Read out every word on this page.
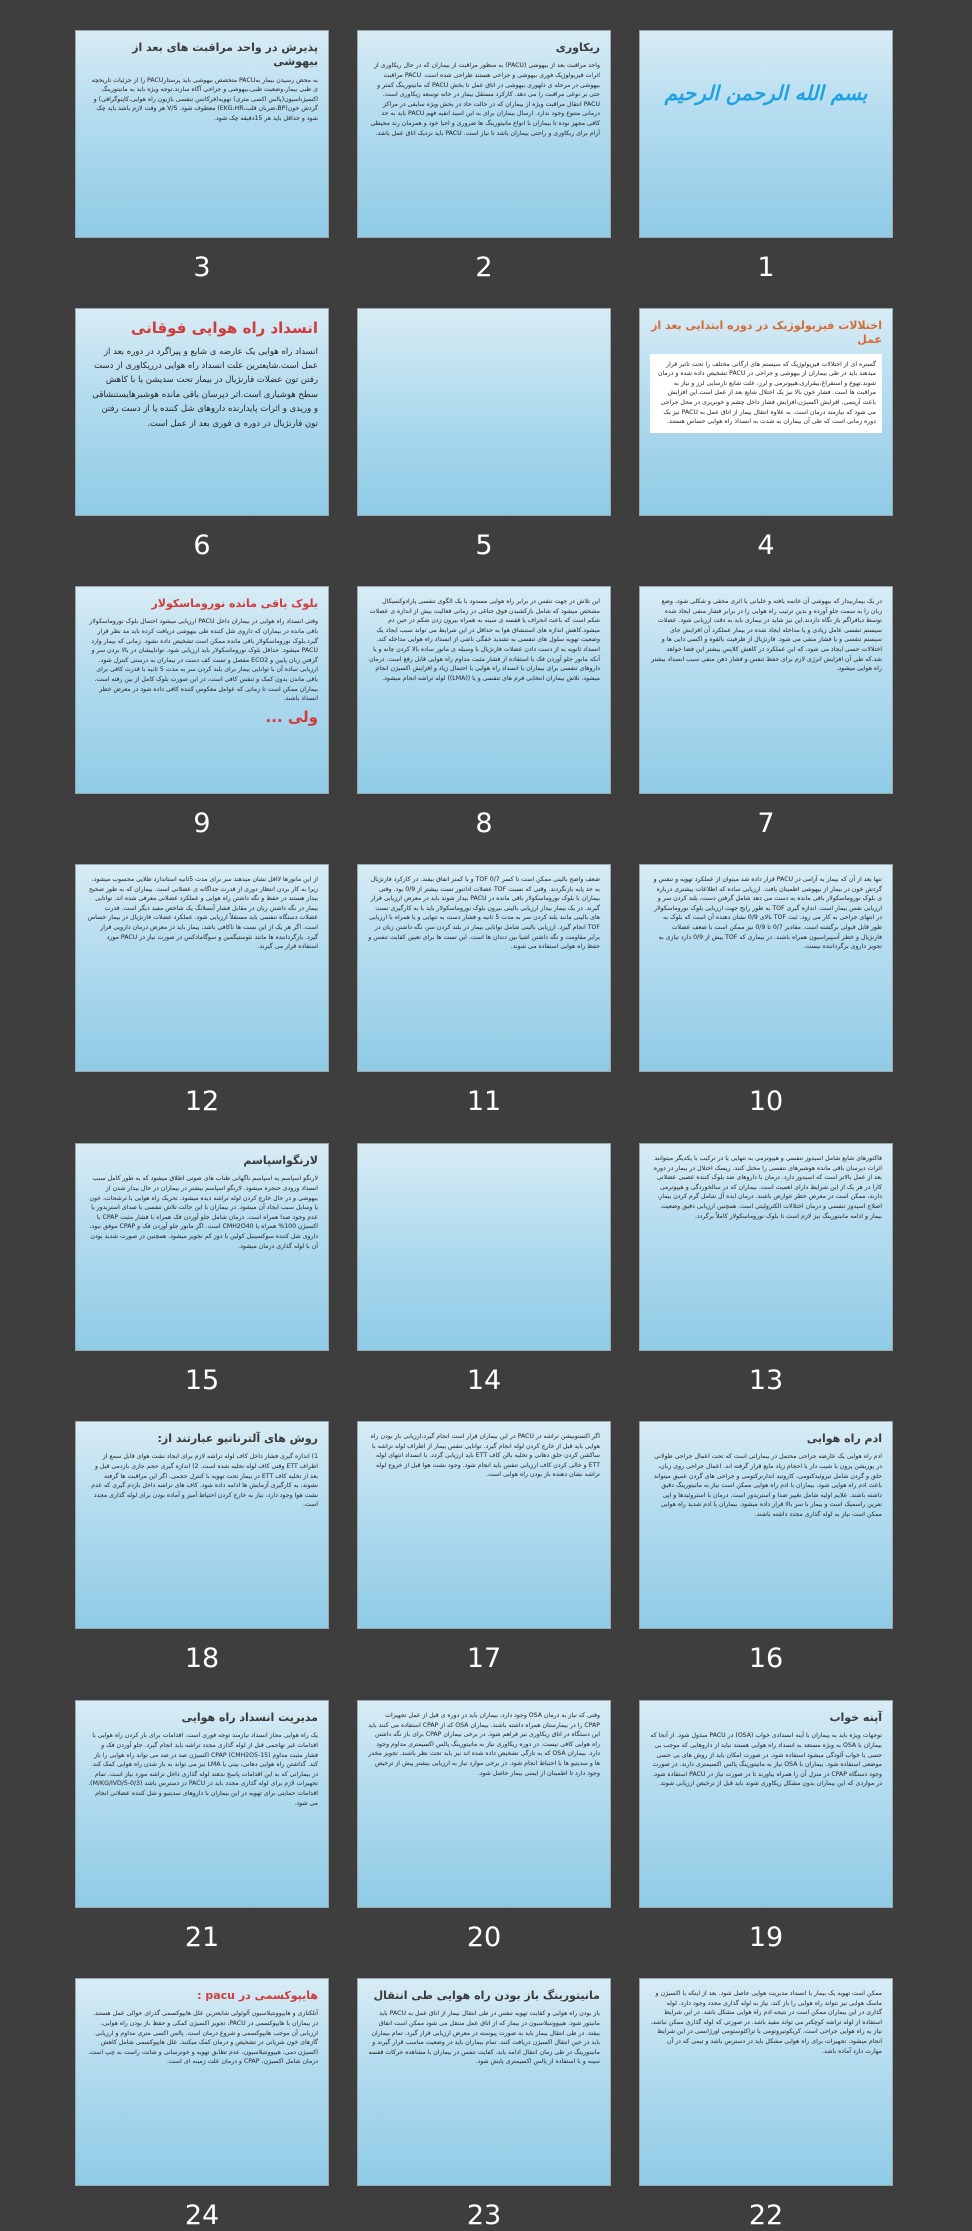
بسم الله الرحمن الرحیم
1
ریکاوری
واحد مراقبت بعد از بیهوشی (PACU) به منظور مراقبت از بیماران که در حال ریکاوری از اثرات فیزیولوژیک فوری بیهوشی و جراحی هستند طراحی شده است. PACU مراقبت بیهوشی در مرحله ی دلهوری بیهوشی در اتاق عمل تا بخش PACU که مانیتورینگ کمتر و حتی بر نوعی مراقبت را می دهد. کارکرد مستقل بیمار در خانه توسعه ریکاوری است. PACU انتقال مراقبت ویژه از بیماران که در حالت حاد در بخش ویژه سایقی در مراکز درمانی متنوع وجود ندارد. ارسال بیماران برای به این اسید انفیه فهم PACU باید به حد کافی مجهز نوده تا بیماران با انواع مانیتورینگ ها ضروری و احیا خود و همزمان رند محیطی آرام برای ریکاوری و راحتی بیماران باشد تا نیاز است. PACU باید نزدیک اتاق عمل باشد.
2
پذیرش در واحد مراقبت های بعد از بیهوشی
به محض رسیدن بیمار بهPACU متخصص بیهوشی باید پرستارPACU را از جزئیات تاریخچه ی طبی بیمار،وضعیت طبی،بیهوشی و جراحی آگاه سازند.توجه ویژه باید به مانیتورینگ اکسیژناسیون(پالس اکسی متری) تهویه(فرکانس تنفسی باژیون راه هوایی،کاپنوگرافی) و گردش خون(BP،ضربان قلب،EKG،HR) معطوف شود. V/S هر وقت لازم باشد باید چک شود و حداقل باید هر 15دقیقه چک شود.
3
اختلالات فیزیولوژیک در دوره ابتدایی بعد از عمل
گستره ای از اختلالات فیزیولوژیک که سیستم های ارگانی مختلف را تحت تاثیر قرار میدهند باید در طی بیماران از بیهوشی و جراحی در PACU تشخیص داده شده و درمان شوند.تهوع و استفراغ،بیقراری،هیپوترمی و لرز، علت شایع نارسایی لرز و نیاز به مراقبت ها است. فشار خون بالا نیز یک اختلال شایع بعد از عمل است.این افزایش باعث آریتمی، افزایش اکسیژن،افزایش فشار داخل چشم و خونریزی در محل جراحی می شود که نیازمند درمان است. به علاوه انتقال بیمار از اتاق عمل به PACU نیز یک دوره زمانی است که طی آن بیماران به شدت به انسداد راه هوایی حساس هستند.
4
5
انسداد راه هوایی فوقانی
انسداد راه هوایی یک عارضه ی شایع و پیراگرد در دوره بعد از عمل است.شایعترین علت انسداد راه هوایی درریکاوری از دست رفتن تون عضلات فارنژیال در بیمار تحت سدیشن یا با کاهش سطح هوشیاری است.اثر دپرسان باقی مانده هوشبرهایستنشاقی و وریدی و اثرات پایدارنده داروهای شل کننده یا از دست رفتن تون فارنژیال در دوره ی فوری بعد از عمل است.
6
در یک بیماربیدار که بیهوشی آن خاتمه یافته و خلبانی با اثری مخفی و شکلی شود، وضع زبان را به سمت جلو آورده و بدین ترتیب راه هوایی را در برابر فشار منفی ایجاد شده توسط دیافراگم باز نگاه داردند.این نیز شاید در بیماری باید به دقت ارزیابی شود. عضلات سیستم تنفسی عامل زیادی و یا مداخله ایجاد شده در بیمار عملکرد آن افزایش جای سیستم تنفسی و یا فشار منفی می شود. فارنژیال از ظرفیت بالقوه و اکسی دایی ها و اختلالات حسی ایجاد می شود، که این عملکرد در کاهش کلاپس بیشتر این فضا خواهد شد.که طی آن افزایش انرژی لازم برای حفظ تنفس و فشار ذهن منفی سبب انسداد بیشتر راه هوایی میشود.
7
این تلاش در جهت تنفس در برابر راه هوایی مسدود با یک الگوی تنفسی پارادوکسیکال مشخص میشود که شامل بازکشیدن فوق جناغی در زمانی فعالیت بیش از اندازه ی عضلات شکم است که باعث انحراف یا قفسه ی سینه به همراه بیرون زدن شکم در حین دم میشود.کاهش اندازه های استنشاق هوا به حداقل در این شرایط می تواند سبب ایجاد یک وضعیت تهویه سلول های تنفسی به تشدید خفگی ناشی از انسداد راه هوایی مداخله کند. انسداد ثانویه به از دست دادن عضلات فارنژیال با وسیله ی مانور ساده بالا کردن چانه و یا آنکه مانور جلو آوردن فک با استفاده از فشار مثبت مداوم راه هوایی قابل رفع است. درمان داروهای تنفسی برای بیماران با انسداد راه هوایی با احتمال زیاد و افزایش اکسیژن انجام میشود. تلاش بیماران انتخابی فرم های تنفسی و یا ((LMA)) لوله تراشه انجام میشود.
8
بلوک باقی مانده نوروماسکولار
وقتی انسداد راه هوایی در بیماران داخل PACU ارزیابی میشود احتمال بلوک نوروماسکولار باقی مانده در بیماران که داروی شل کننده طی بیهوشی دریافت کرده باید مد نظر قرار گیرد.بلوک نوروماسکولار باقی مانده ممکن است تشخیص داده نشود. زمانی که بیمار وارد PACU میشود. حداقل بلوک نوروماسکولار باید ارزیابی شود. تواناییشان در بالا بردن سر و گرفتن زبان پایین و ECO2 مفصل و تست کف دست در بیماران به درستی کنترل شود. ارزیابی ساده آن با توانایی بیمار برای بلند کردن سر به مدت 5 ثانیه با قدرت کافی برای باقی ماندن بدون کمک و تنفس کافی است، در این صورت بلوک کامل از بین رفته است. بیماران ممکن است تا زمانی که عوامل معکوس کننده کافی داده شود در معرض خطر انسداد باشند.
ولی ...
9
تنها بعد از آن که بیمار به آرامی در PACU قرار داده شد میتوان از عملکرد تهویه و تنفس و گردش خون در بیمار از بیهوشی اطمینان یافت. ارزیابی ساده که اطلاعات بیشتری درباره ی بلوک نوروماسکولار باقی مانده به دست می دهد شامل گرفتن دست، بلند کردن سر و ارزیابی نفس بیمار است. اندازه گیری TOF به طور رایج جهت ارزیابی بلوک نوروماسکولار در انتهای جراحی به کار می رود. ثبت TOF بالای 0/9 نشان دهنده آن است که بلوک به طور قابل قبولی برگشته است. مقادیر 0/7 تا 0/9 نیز ممکن است با ضعف عضلات فارنژیال و خطر آسپیراسیون همراه باشند. در بیماری که TOF بیش از 0/9 دارد نیازی به تجویز داروی برگرداننده نیست.
10
ضعف واضح بالینی ممکن است تا کسر TOF 0/7 و یا کمتر اتفاق بیفتد. در کارکرد فارنژیال به حد پایه بازنگردند. وقتی که نسبت TOF عضلات ادانتور تست بیشتر از 0/9 بود. وقتی بیماران با بلوک نوروماسکولار باقی مانده در PACU بیدار شوند باید در معرض ارزیابی قرار گیرند. در یک بیمار بیدار ارزیابی بالینی بیرون بلوک نوروماسکولار باید با به کارگیری تست های بالینی مانند بلند کردن سر به مدت 5 ثانیه و فشار دست به تنهایی و یا همراه با ارزیابی TOF انجام گیرد. ارزیابی بالینی شامل توانایی بیمار در بلند کردن سر، نگه داشتن زبان در برابر مقاومت و نگه داشتن اشیا بین دندان ها است. این تست ها برای تعیین کفایت تنفس و حفظ راه هوایی استفاده می شوند.
11
از این مانورها لااقل نشان میدهند سر برای مدت 5ثانیه استاندارد طلایی محسوب میشود، زیرا به کار بردن انتظار دوری از قدرت جداگانه ی عضلانی است. بیماران که به طور صحیح بیدار هستند در حفظ و نگه داشتن راه هوایی و عملکرد عضلانی معرفی شده اند. توانایی بیمار در نگه داشتن زبان در مقابل فشار آبسلانگ یک شاخص مفید دیگر است. قدرت عضلات دستگاه تنفسی باید مستقلاً ارزیابی شود. عملکرد عضلات فارنژیال در بیمار حساس است. اگر هر یک از این تست ها ناکافی باشد، بیمار باید در معرض درمان دارویی قرار گیرد. بازگرداننده ها مانند نئوستیگمین و سوگامادکس در صورت نیاز در PACU مورد استفاده قرار می گیرند.
12
فاکتورهای شایع شامل اسیدوز تنفسی و هیپوترمی به تنهایی یا در ترکیب با یکدیگر میتوانند اثرات دپرسان باقی مانده هوشبرهای تنفسی را مختل کنند. ریسک اختلال در بیمار در دوره بعد از عمل بالاتر است که اسیدوز دارد. درمان با داروهای ضد بلوک کننده عصبی عضلانی کارا در هر یک از این شرایط دارای اهمیت است. بیماران که در سالخوردگی و هیپوترمی دارند، ممکن است در معرض خطر عوارض باشند. درمان ایده آل شامل گرم کردن بیمار، اصلاح اسیدوز تنفسی و درمان اختلالات الکترولیتی است. همچنین ارزیابی دقیق وضعیت بیمار و ادامه مانیتورینگ نیز لازم است تا بلوک نوروماسکولار کاملاً برگردد.
13
14
لارنگواسپاسم
لارنگو اسپاسم به اسپاسم ناگهانی طناب های صوتی اطلاق میشود که به طور کامل سبب انسداد ورودی حنجره میشود. لارنگو اسپاسم بیشتر در بیماران در حال بیدار شدن از بیهوشی و در حال خارج کردن لوله تراشه دیده میشود. تحریک راه هوایی با ترشحات، خون یا وسایل سبب ایجاد آن میشود. در بیماران با این حالت تلاش تنفسی با صدای استریدور یا عدم وجود صدا همراه است. درمان شامل جلو آوردن فک همراه با فشار مثبت CPAP با اکسیژن 100% همراه با CMH2O40 است. اگر مانور جلو آوردن فک و CPAP موفق نبود، داروی شل کننده سوکسینیل کولین با دوز کم تجویز میشود. همچنین در صورت شدید بودن آن با لوله گذاری درمان میشود.
15
ادم راه هوایی
ادم راه هوایی یک عارضه جراحی محتمل در بیمارانی است که تحت اعمال جراحی طولانی در پوزیشن پرون یا شیب دار با احجام زیاد مایع قرار گرفته اند. اعمال جراحی روی زبان، حلق و گردن شامل تیروئیدکتومی، کاروتید اندارترکتومی و جراحی های گردن عمیق میتواند باعث ادم راه هوایی شود. بیماران با ادم راه هوایی ممکن است نیاز به مانیتورینگ دقیق داشته باشند. علایم اولیه شامل تغییر صدا و استریدور است. درمان با استروئیدها و اپی نفرین راسمیک است و بیمار با سر بالا قرار داده میشود. بیماران با ادم شدید راه هوایی ممکن است نیاز به لوله گذاری مجدد داشته باشند.
16
اگر اکستوبیشن تراشه در PACU در این بیماران قرار است انجام گیرد،ارزیابی باز بودن راه هوایی باید قبل از خارج کردن لوله انجام گیرد. توانایی تنفس بیمار از اطراف لوله تراشه با ساکشن کردن حلق دهانی و تخلیه بالن کاف ETT باید ارزیابی گردد. با انسداد انتهای لوله ETT و خالی کردن کاف ارزیابی تنفس باید انجام شود. وجود نشت هوا قبل از خروج لوله تراشه نشان دهنده باز بودن راه هوایی است.
17
روش های آلترناتیو عبارتند از:
1) اندازه گیری فشار داخل کاف لوله تراشه لازم برای ایجاد نشت هوای قابل سمع از اطراف ETT وقتی کاف لوله تخلیه شده است. 2) اندازه گیری حجم جاری بازدمی قبل و بعد از تخلیه کاف ETT در بیمار تحت تهویه با کنترل حجمی. اگر این مراقبت ها گرفته نشوند، به کارگیری آزمایش ها ادامه داده شود. کاف های تراشه داخل بازدم گیری که عدم نشت هوا وجود دارد، نیاز به خارج کردن احتیاط آمیز و آماده بودن برای لوله گذاری مجدد است.
18
آپنه خواب
توجهات ویژه باید به بیماران با آپنه انسدادی خواب (OSA) در PACU مبذول شود. از آنجا که بیماران با OSA به ویژه مستعد به انسداد راه هوایی هستند نباید از داروهایی که موجب بی حسی یا خواب آلودگی میشود استفاده شود. در صورت امکان باید از روش های بی حسی موضعی استفاده شود. بیماران با OSA نیاز به مانیتورینگ پالس اکسیمتری دارند. در صورت وجود دستگاه CPAP در منزل آن را همراه بیاورند تا در صورت نیاز در PACU استفاده شود. در مواردی که این بیماران بدون مشکل ریکاوری شوند باید قبل از ترخیص ارزیابی شوند.
19
وقتی که نیاز به درمان OSA وجود دارد، بیماران باید در دوره ی قبل از عمل تجهیزات CPAP را در بیمارستان همراه داشته باشند. بیماران OSA که از CPAP استفاده می کنند باید این دستگاه در اتاق ریکاوری نیز فراهم شود. در برخی بیماران CPAP برای باز نگه داشتن راه هوایی کافی نیست. در دوره ریکاوری نیاز به مانیتورینگ پالس اکسیمتری مداوم وجود دارد. بیماران OSA که به تازگی تشخیص داده شده اند نیز باید تحت نظر باشند. تجویز مخدر ها و سدیتیو ها با احتیاط انجام شود. در برخی موارد نیاز به ارزیابی بیشتر پیش از ترخیص وجود دارد تا اطمینان از ایمنی بیمار حاصل شود.
20
مدیریت انسداد راه هوایی
یک راه هوایی مجاز انسداد نیازمند توجه فوری است. اقدامات برای باز کردن راه هوایی با اقدامات غیر تهاجمی قبل از لوله گذاری مجدد تراشه باید انجام گیرد. جلو آوردن فک و فشار مثبت مداوم CPAP (CMH2O5-15) اکسیژن صد در صد می تواند راه هوایی را باز کند. گذاشتن راه هوایی دهانی، بینی یا LMA نیز می تواند به باز شدن راه هوایی کمک کند. در بیمارانی که به این اقدامات پاسخ ندهند لوله گذاری داخل تراشه مورد نیاز است. تمام تجهیزات لازم برای لوله گذاری مجدد باید در PACU در دسترس باشد (M/KG/IVD/5-0/3). اقدامات حمایتی برای تهویه در این بیماران با داروهای سدیتیو و شل کننده عضلانی انجام می شود.
21
ممکن است تهویه یک بیمار با انسداد مدیریت هوایی حاصل شود. بعد از اینکه با اکسیژن و ماسک هوایی نیز نتواند راه هوایی را باز کند، نیاز به لوله گذاری مجدد وجود دارد. لوله گذاری در این بیماران ممکن است در نتیجه ادم راه هوایی مشکل باشد. در این شرایط استفاده از لوله تراشه کوچکتر می تواند مفید باشد. در صورتی که لوله گذاری ممکن نباشد، نیاز به راه هوایی جراحی است. کریکوتیروتومی یا تراکئوستومی اورژانسی در این شرایط انجام میشود. تجهیزات برای راه هوایی مشکل باید در دسترس باشد و تیمی که در آن مهارت دارد آماده باشد.
22
مانیتورینگ باز بودن راه هوایی طی انتقال
باز بودن راه هوایی و کفایت تهویه تنفس در طی انتقال بیمار از اتاق عمل به PACU باید مانیتور شود. هیپوونتیلاسیون در بیمار که از اتاق عمل منتقل می شود ممکن است اتفاق بیفتد. در طی انتقال بیمار باید به صورت پیوسته در معرض ارزیابی قرار گیرد. تمام بیماران باید در حین انتقال اکسیژن دریافت کنند. تمام بیماران باید در وضعیت مناسب قرار گیرند و مانیتورینگ در طی زمان انتقال ادامه یابد. کفایت تنفس در بیماران با مشاهده حرکات قفسه سینه و با استفاده از پالس اکسیمتری پایش شود.
23
هایپوکسمی در pacu :
آتلکتازی و هایپوونتیلاسیون آلوئولی شایعترین علل هایپوکسمی گذرای حوالی عمل هستند. در بیماران با هایپوکسمی در PACU، تجویز اکسیژن کمکی و حفظ باز بودن راه هوایی، ارزیابی آن موجب هایپوکسمی و شروع درمان است. پالس اکسی متری مداوم و ارزیابی گازهای خون شریانی در تشخیص و درمان کمک میکنند. علل هایپوکسمی شامل کاهش اکسیژن دمی، هیپوونتیلاسیون، عدم تطابق تهویه و خونرسانی و شانت راست به چپ است. درمان شامل اکسیژن، CPAP و درمان علت زمینه ای است.
24
